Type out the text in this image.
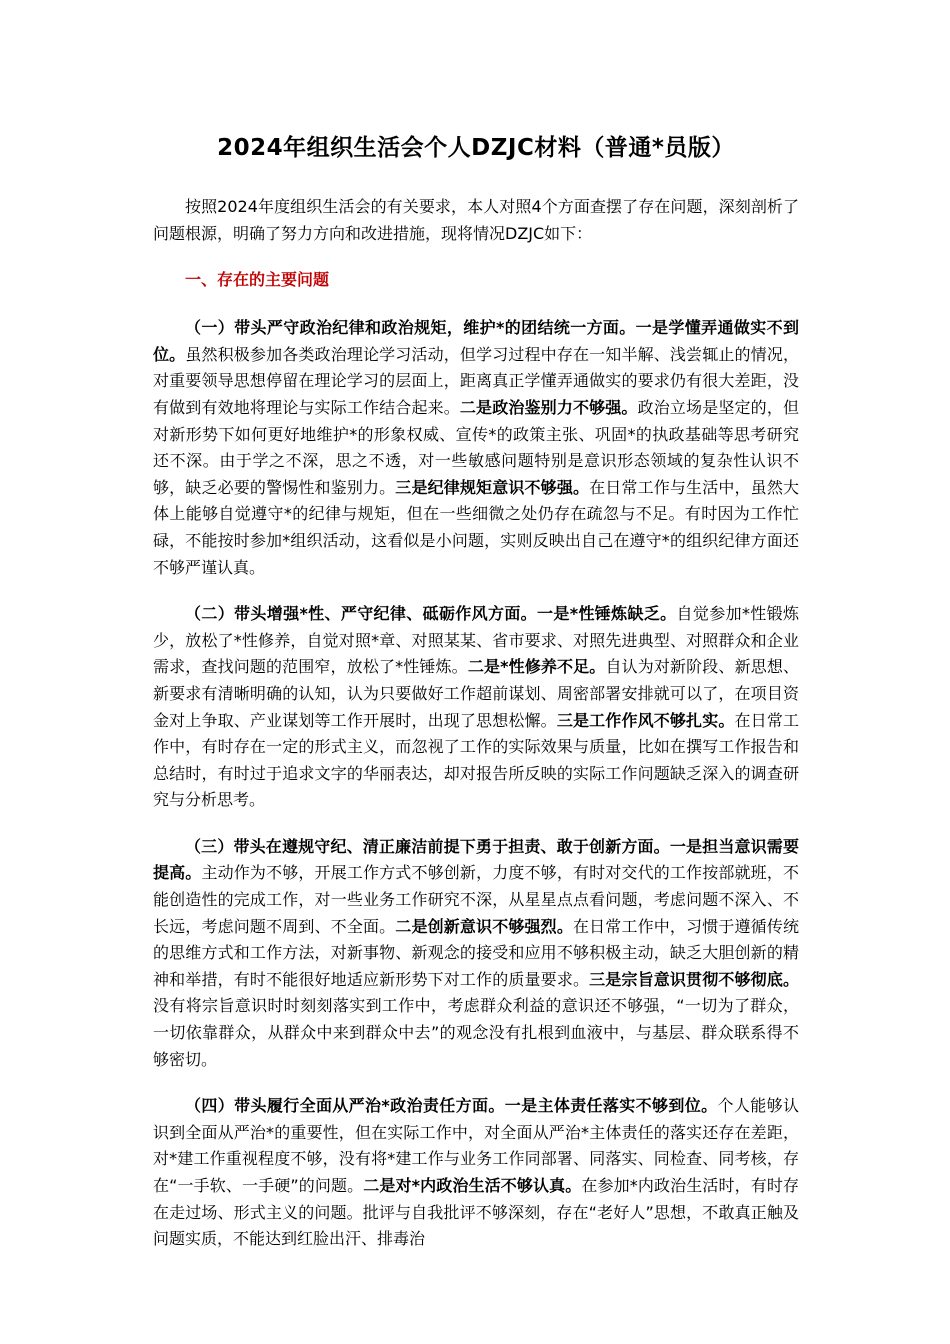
2024年组织生活会个人DZJC材料（普通*员版）

按照2024年度组织生活会的有关要求，本人对照4个方面查摆了存在问题，深刻剖析了问题根源，明确了努力方向和改进措施，现将情况DZJC如下：

一、存在的主要问题

（一）带头严守政治纪律和政治规矩，维护*的团结统一方面。一是学懂弄通做实不到位。虽然积极参加各类政治理论学习活动，但学习过程中存在一知半解、浅尝辄止的情况，对重要领导思想停留在理论学习的层面上，距离真正学懂弄通做实的要求仍有很大差距，没有做到有效地将理论与实际工作结合起来。二是政治鉴别力不够强。政治立场是坚定的，但对新形势下如何更好地维护*的形象权威、宣传*的政策主张、巩固*的执政基础等思考研究还不深。由于学之不深，思之不透，对一些敏感问题特别是意识形态领域的复杂性认识不够，缺乏必要的警惕性和鉴别力。三是纪律规矩意识不够强。在日常工作与生活中，虽然大体上能够自觉遵守*的纪律与规矩，但在一些细微之处仍存在疏忽与不足。有时因为工作忙碌，不能按时参加*组织活动，这看似是小问题，实则反映出自己在遵守*的组织纪律方面还不够严谨认真。

（二）带头增强*性、严守纪律、砥砺作风方面。一是*性锤炼缺乏。自觉参加*性锻炼少，放松了*性修养，自觉对照*章、对照某某、省市要求、对照先进典型、对照群众和企业需求，查找问题的范围窄，放松了*性锤炼。二是*性修养不足。自认为对新阶段、新思想、新要求有清晰明确的认知，认为只要做好工作超前谋划、周密部署安排就可以了，在项目资金对上争取、产业谋划等工作开展时，出现了思想松懈。三是工作作风不够扎实。在日常工作中，有时存在一定的形式主义，而忽视了工作的实际效果与质量，比如在撰写工作报告和总结时，有时过于追求文字的华丽表达，却对报告所反映的实际工作问题缺乏深入的调查研究与分析思考。

（三）带头在遵规守纪、清正廉洁前提下勇于担责、敢于创新方面。一是担当意识需要提高。主动作为不够，开展工作方式不够创新，力度不够，有时对交代的工作按部就班，不能创造性的完成工作，对一些业务工作研究不深，从星星点点看问题，考虑问题不深入、不长远，考虑问题不周到、不全面。二是创新意识不够强烈。在日常工作中，习惯于遵循传统的思维方式和工作方法，对新事物、新观念的接受和应用不够积极主动，缺乏大胆创新的精神和举措，有时不能很好地适应新形势下对工作的质量要求。三是宗旨意识贯彻不够彻底。没有将宗旨意识时时刻刻落实到工作中，考虑群众利益的意识还不够强，“一切为了群众，一切依靠群众，从群众中来到群众中去”的观念没有扎根到血液中，与基层、群众联系得不够密切。

（四）带头履行全面从严治*政治责任方面。一是主体责任落实不够到位。个人能够认识到全面从严治*的重要性，但在实际工作中，对全面从严治*主体责任的落实还存在差距，对*建工作重视程度不够，没有将*建工作与业务工作同部署、同落实、同检查、同考核，存在“一手软、一手硬”的问题。二是对*内政治生活不够认真。在参加*内政治生活时，有时存在走过场、形式主义的问题。批评与自我批评不够深刻，存在“老好人”思想，不敢真正触及问题实质，不能达到红脸出汗、排毒治
